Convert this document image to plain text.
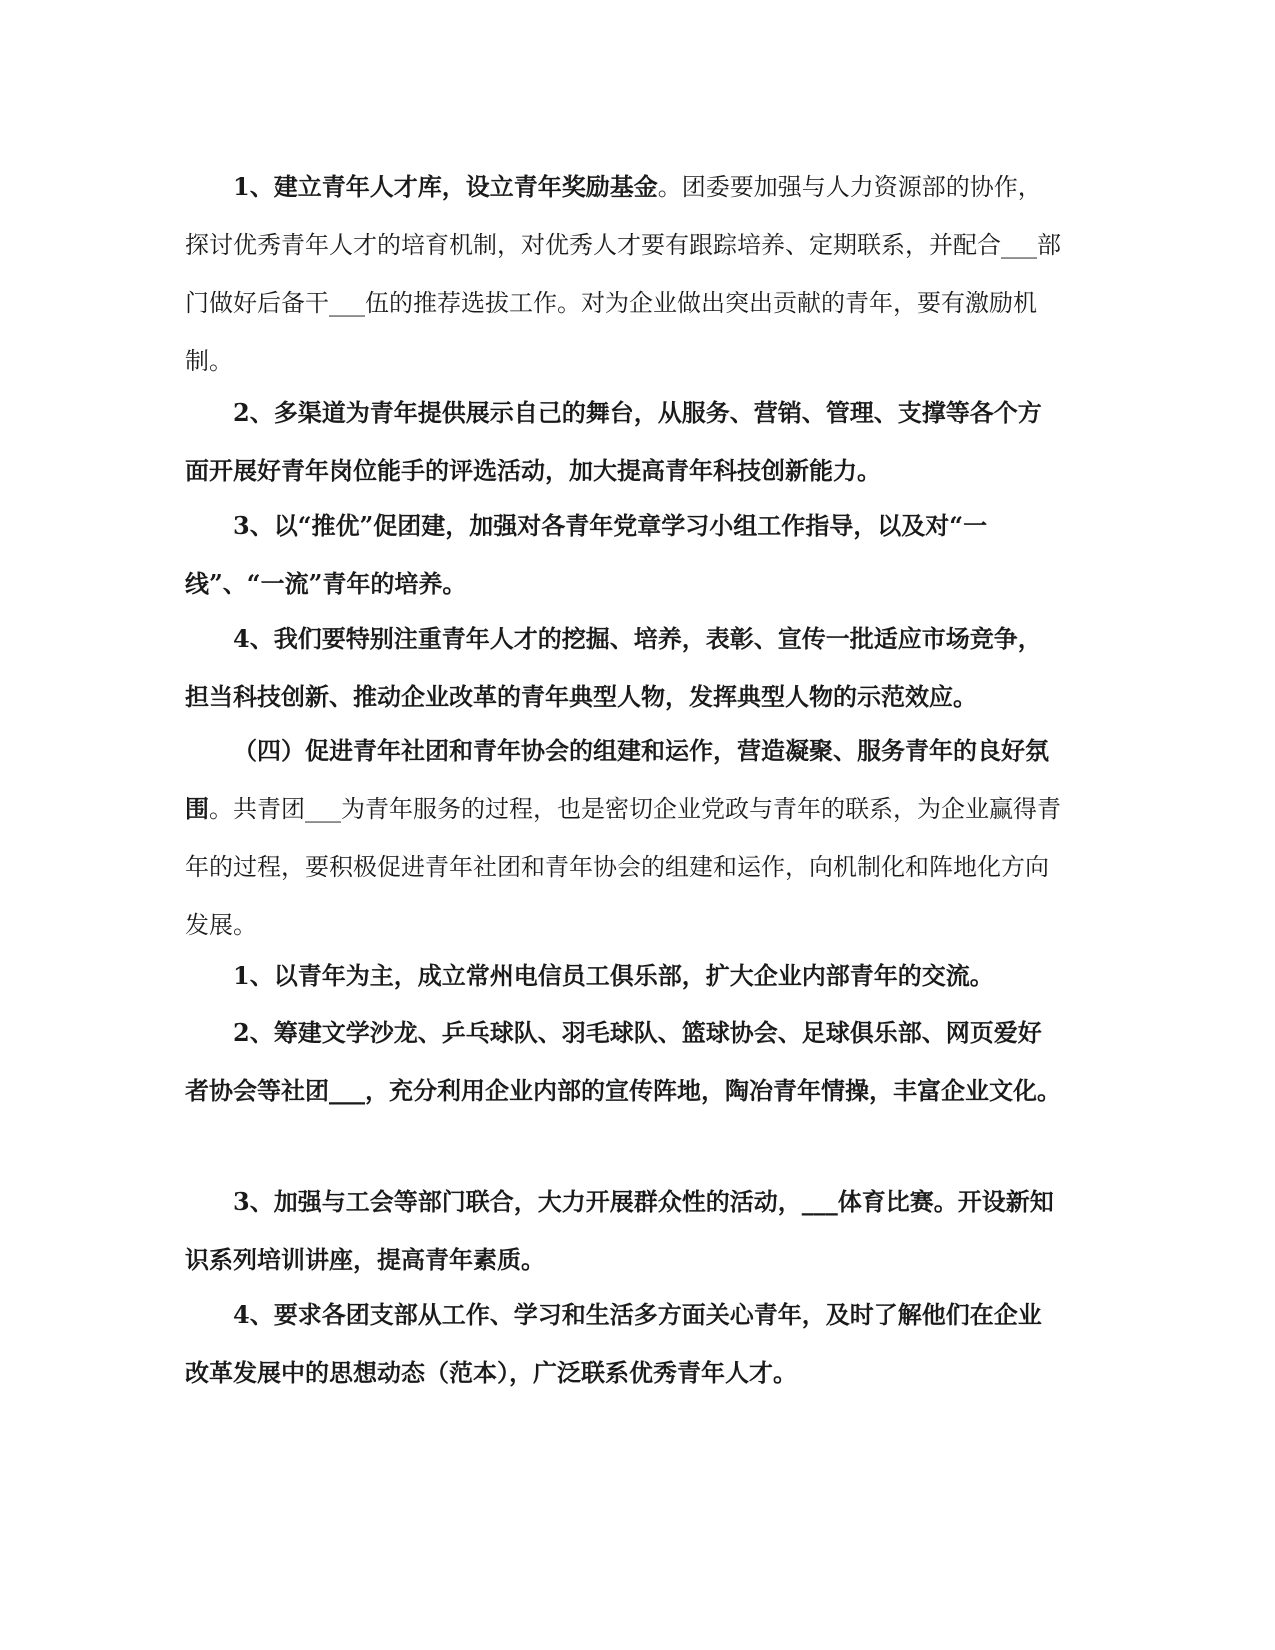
1、建立青年人才库，设立青年奖励基金。团委要加强与人力资源部的协作，探讨优秀青年人才的培育机制，对优秀人才要有跟踪培养、定期联系，并配合___部门做好后备干___伍的推荐选拔工作。对为企业做出突出贡献的青年，要有激励机制。

2、多渠道为青年提供展示自己的舞台，从服务、营销、管理、支撑等各个方面开展好青年岗位能手的评选活动，加大提高青年科技创新能力。

3、以“推优”促团建，加强对各青年党章学习小组工作指导，以及对“一线”、“一流”青年的培养。

4、我们要特别注重青年人才的挖掘、培养，表彰、宣传一批适应市场竞争，担当科技创新、推动企业改革的青年典型人物，发挥典型人物的示范效应。

（四）促进青年社团和青年协会的组建和运作，营造凝聚、服务青年的良好氛围。共青团___为青年服务的过程，也是密切企业党政与青年的联系，为企业赢得青年的过程，要积极促进青年社团和青年协会的组建和运作，向机制化和阵地化方向发展。

1、以青年为主，成立常州电信员工俱乐部，扩大企业内部青年的交流。

2、筹建文学沙龙、乒乓球队、羽毛球队、篮球协会、足球俱乐部、网页爱好者协会等社团___，充分利用企业内部的宣传阵地，陶冶青年情操，丰富企业文化。

3、加强与工会等部门联合，大力开展群众性的活动，___体育比赛。开设新知识系列培训讲座，提高青年素质。

4、要求各团支部从工作、学习和生活多方面关心青年，及时了解他们在企业改革发展中的思想动态（范本），广泛联系优秀青年人才。
